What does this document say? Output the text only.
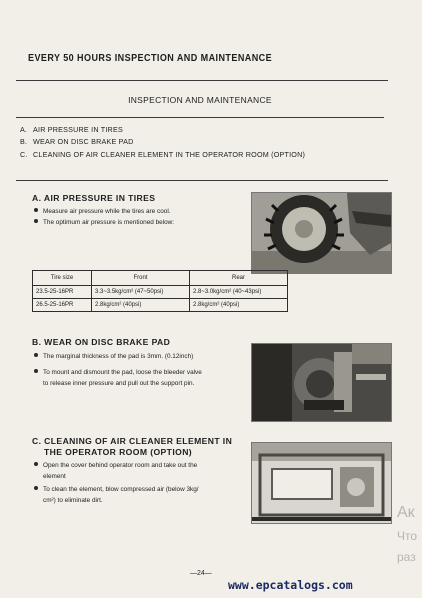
EVERY 50 HOURS INSPECTION AND MAINTENANCE
INSPECTION AND MAINTENANCE
A. AIR PRESSURE IN TIRES
B. WEAR ON DISC BRAKE PAD
C. CLEANING OF AIR CLEANER ELEMENT IN THE OPERATOR ROOM (OPTION)
A. AIR PRESSURE IN TIRES
Measure air pressure while the tires are cool.
The optimum air pressure is mentioned below:
Tire size	Front	Rear
23.5-25-16PR	3.3~3.5kg/cm² (47~50psi)	2.8~3.0kg/cm² (40~43psi)
26.5-25-16PR	2.8kg/cm² (40psi)	2.8kg/cm² (40psi)
B. WEAR ON DISC BRAKE PAD
The marginal thickness of the pad is 3mm. (0.12inch)
To mount and dismount the pad, loose the bleeder valve
to release inner pressure and pull out the support pin.
C. CLEANING OF AIR CLEANER ELEMENT IN
THE OPERATOR ROOM (OPTION)
Open the cover behind operator room and take out the
element
To clean the element, blow compressed air (below 3kg/
cm²) to eliminate dirt.
—24—
www.epcatalogs.com
Ак
Что
раз
